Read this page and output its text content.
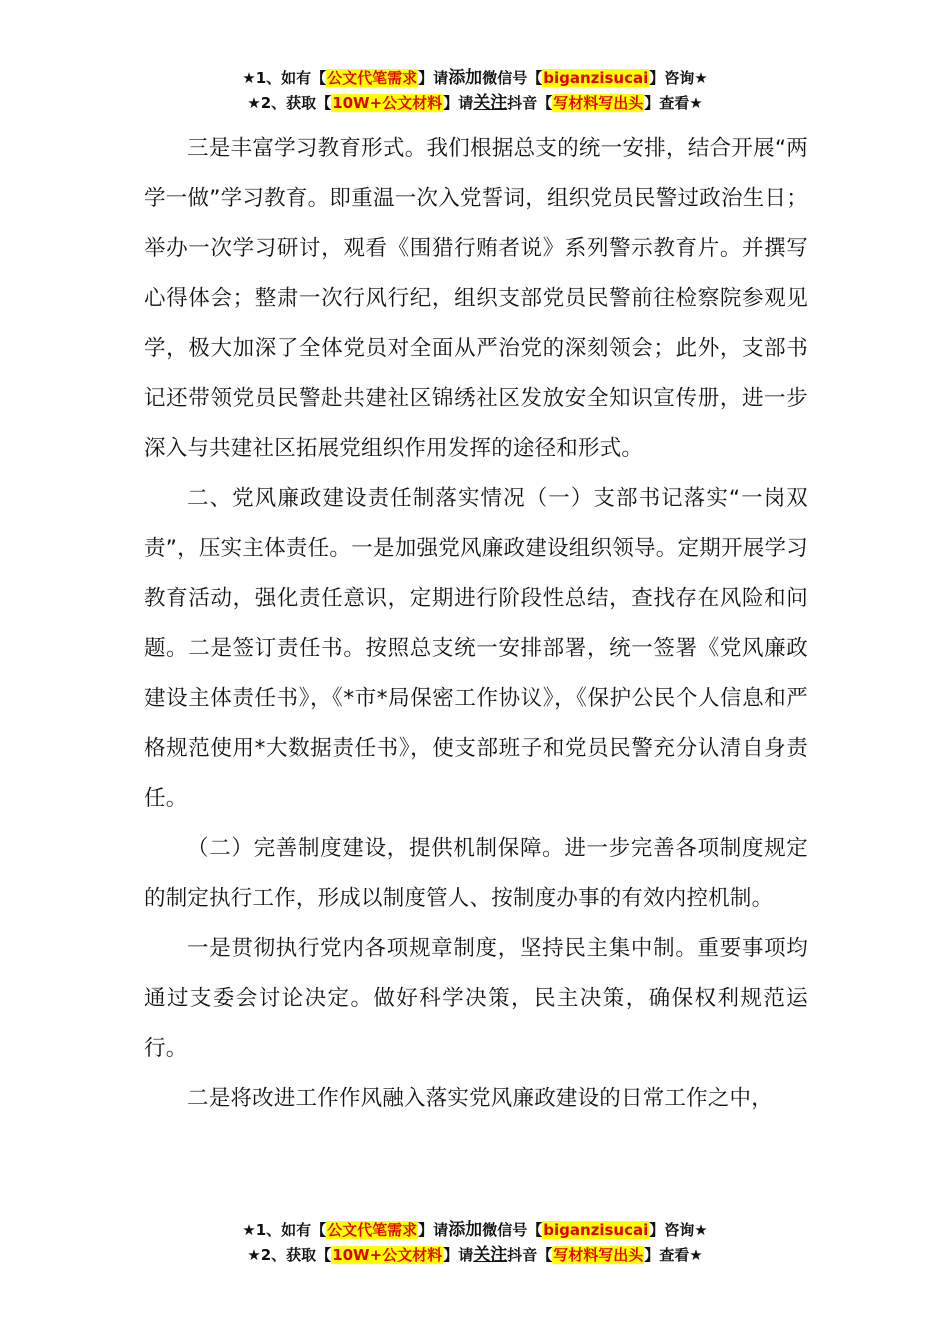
★1、如有【公文代笔需求】请添加微信号【biganzisucai】咨询★
★2、获取【10W+公文材料】请关注抖音【写材料写出头】查看★

三是丰富学习教育形式。我们根据总支的统一安排，结合开展“两学一做”学习教育。即重温一次入党誓词，组织党员民警过政治生日；举办一次学习研讨，观看《围猎行贿者说》系列警示教育片。并撰写心得体会；整肃一次行风行纪，组织支部党员民警前往检察院参观见学，极大加深了全体党员对全面从严治党的深刻领会；此外，支部书记还带领党员民警赴共建社区锦绣社区发放安全知识宣传册，进一步深入与共建社区拓展党组织作用发挥的途径和形式。

二、党风廉政建设责任制落实情况（一）支部书记落实“一岗双责”，压实主体责任。一是加强党风廉政建设组织领导。定期开展学习教育活动，强化责任意识，定期进行阶段性总结，查找存在风险和问题。二是签订责任书。按照总支统一安排部署，统一签署《党风廉政建设主体责任书》，《*市*局保密工作协议》，《保护公民个人信息和严格规范使用*大数据责任书》，使支部班子和党员民警充分认清自身责任。

（二）完善制度建设，提供机制保障。进一步完善各项制度规定的制定执行工作，形成以制度管人、按制度办事的有效内控机制。

一是贯彻执行党内各项规章制度，坚持民主集中制。重要事项均通过支委会讨论决定。做好科学决策，民主决策，确保权利规范运行。

二是将改进工作作风融入落实党风廉政建设的日常工作之中，

★1、如有【公文代笔需求】请添加微信号【biganzisucai】咨询★
★2、获取【10W+公文材料】请关注抖音【写材料写出头】查看★
